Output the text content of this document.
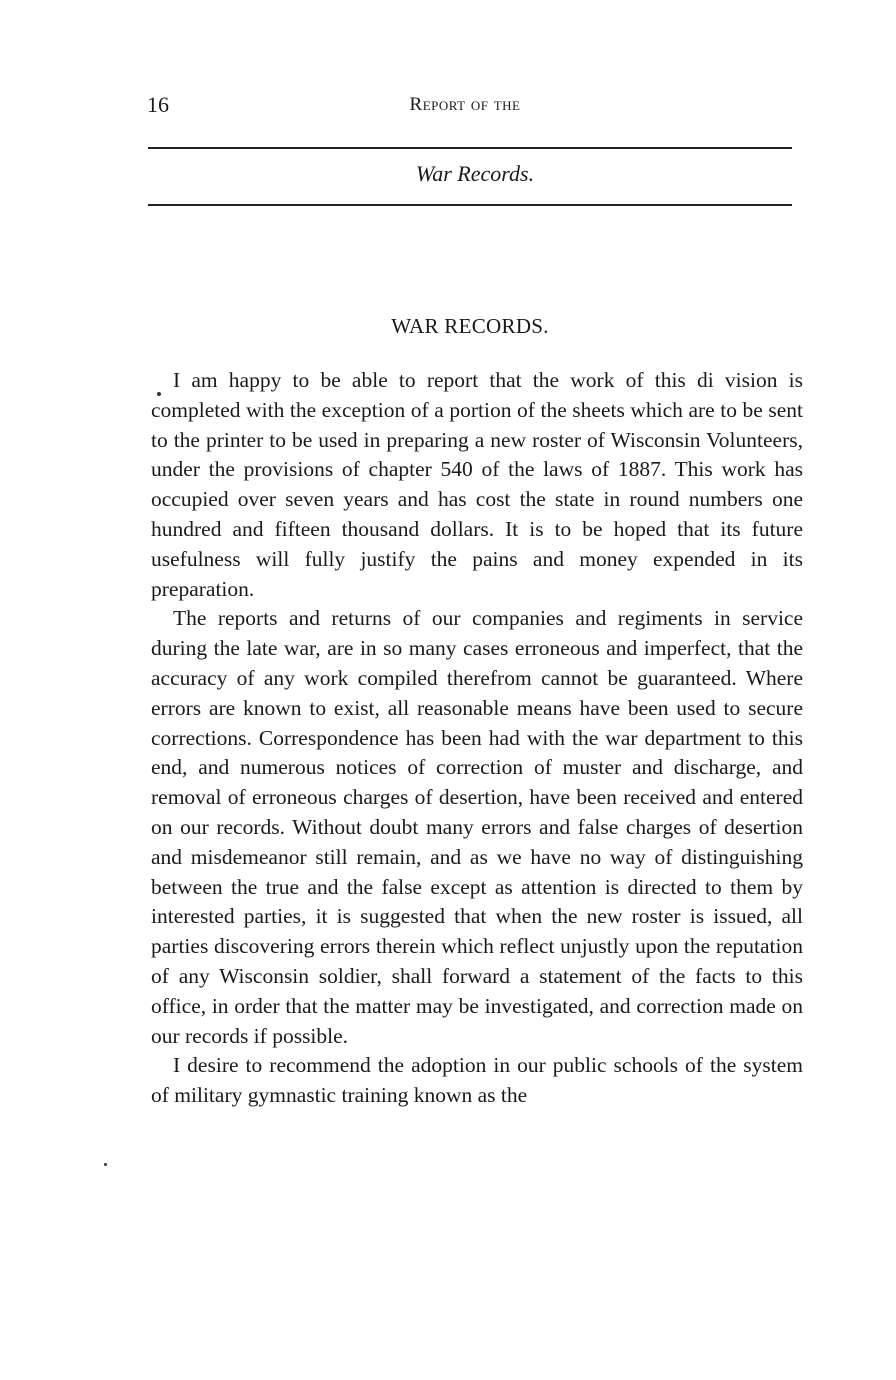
16	Report of the
War Records.
WAR RECORDS.

I am happy to be able to report that the work of this di vision is completed with the exception of a portion of the sheets which are to be sent to the printer to be used in preparing a new roster of Wisconsin Volunteers, under the provisions of chapter 540 of the laws of 1887. This work has occupied over seven years and has cost the state in round numbers one hundred and fifteen thousand dollars. It is to be hoped that its future usefulness will fully justify the pains and money expended in its preparation.

The reports and returns of our companies and regiments in service during the late war, are in so many cases erroneous and imperfect, that the accuracy of any work compiled therefrom cannot be guaranteed. Where errors are known to exist, all reasonable means have been used to secure corrections. Correspondence has been had with the war department to this end, and numerous notices of correction of muster and discharge, and removal of erroneous charges of desertion, have been received and entered on our records. Without doubt many errors and false charges of desertion and misdemeanor still remain, and as we have no way of distinguishing between the true and the false except as attention is directed to them by interested parties, it is suggested that when the new roster is issued, all parties discovering errors therein which reflect unjustly upon the reputation of any Wisconsin soldier, shall forward a statement of the facts to this office, in order that the matter may be investigated, and correction made on our records if possible.

I desire to recommend the adoption in our public schools of the system of military gymnastic training known as the
